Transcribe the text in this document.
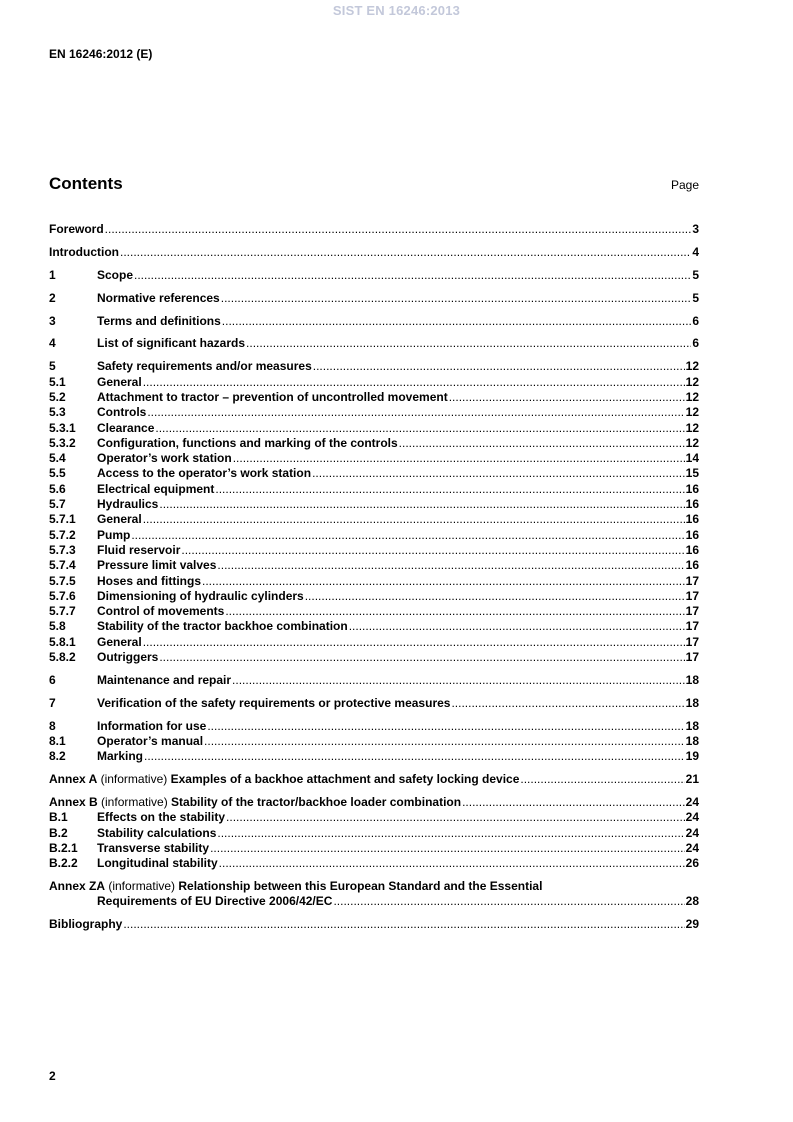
SIST EN 16246:2013
EN 16246:2012 (E)
Contents	Page
Foreword .....	3
Introduction .....	4
1	Scope .....	5
2	Normative references .....	5
3	Terms and definitions .....	6
4	List of significant hazards .....	6
5	Safety requirements and/or measures .....	12
5.1	General .....	12
5.2	Attachment to tractor – prevention of uncontrolled movement .....	12
5.3	Controls .....	12
5.3.1	Clearance .....	12
5.3.2	Configuration, functions and marking of the controls .....	12
5.4	Operator’s work station .....	14
5.5	Access to the operator’s work station .....	15
5.6	Electrical equipment .....	16
5.7	Hydraulics .....	16
5.7.1	General .....	16
5.7.2	Pump .....	16
5.7.3	Fluid reservoir .....	16
5.7.4	Pressure limit valves .....	16
5.7.5	Hoses and fittings .....	17
5.7.6	Dimensioning of hydraulic cylinders .....	17
5.7.7	Control of movements .....	17
5.8	Stability of the tractor backhoe combination .....	17
5.8.1	General .....	17
5.8.2	Outriggers .....	17
6	Maintenance and repair .....	18
7	Verification of the safety requirements or protective measures .....	18
8	Information for use .....	18
8.1	Operator’s manual .....	18
8.2	Marking .....	19
Annex A (informative) Examples of a backhoe attachment and safety locking device .....	21
Annex B (informative) Stability of the tractor/backhoe loader combination .....	24
B.1	Effects on the stability .....	24
B.2	Stability calculations .....	24
B.2.1	Transverse stability .....	24
B.2.2	Longitudinal stability .....	26
Annex ZA (informative) Relationship between this European Standard and the Essential
Requirements of EU Directive 2006/42/EC .....	28
Bibliography .....	29
2
